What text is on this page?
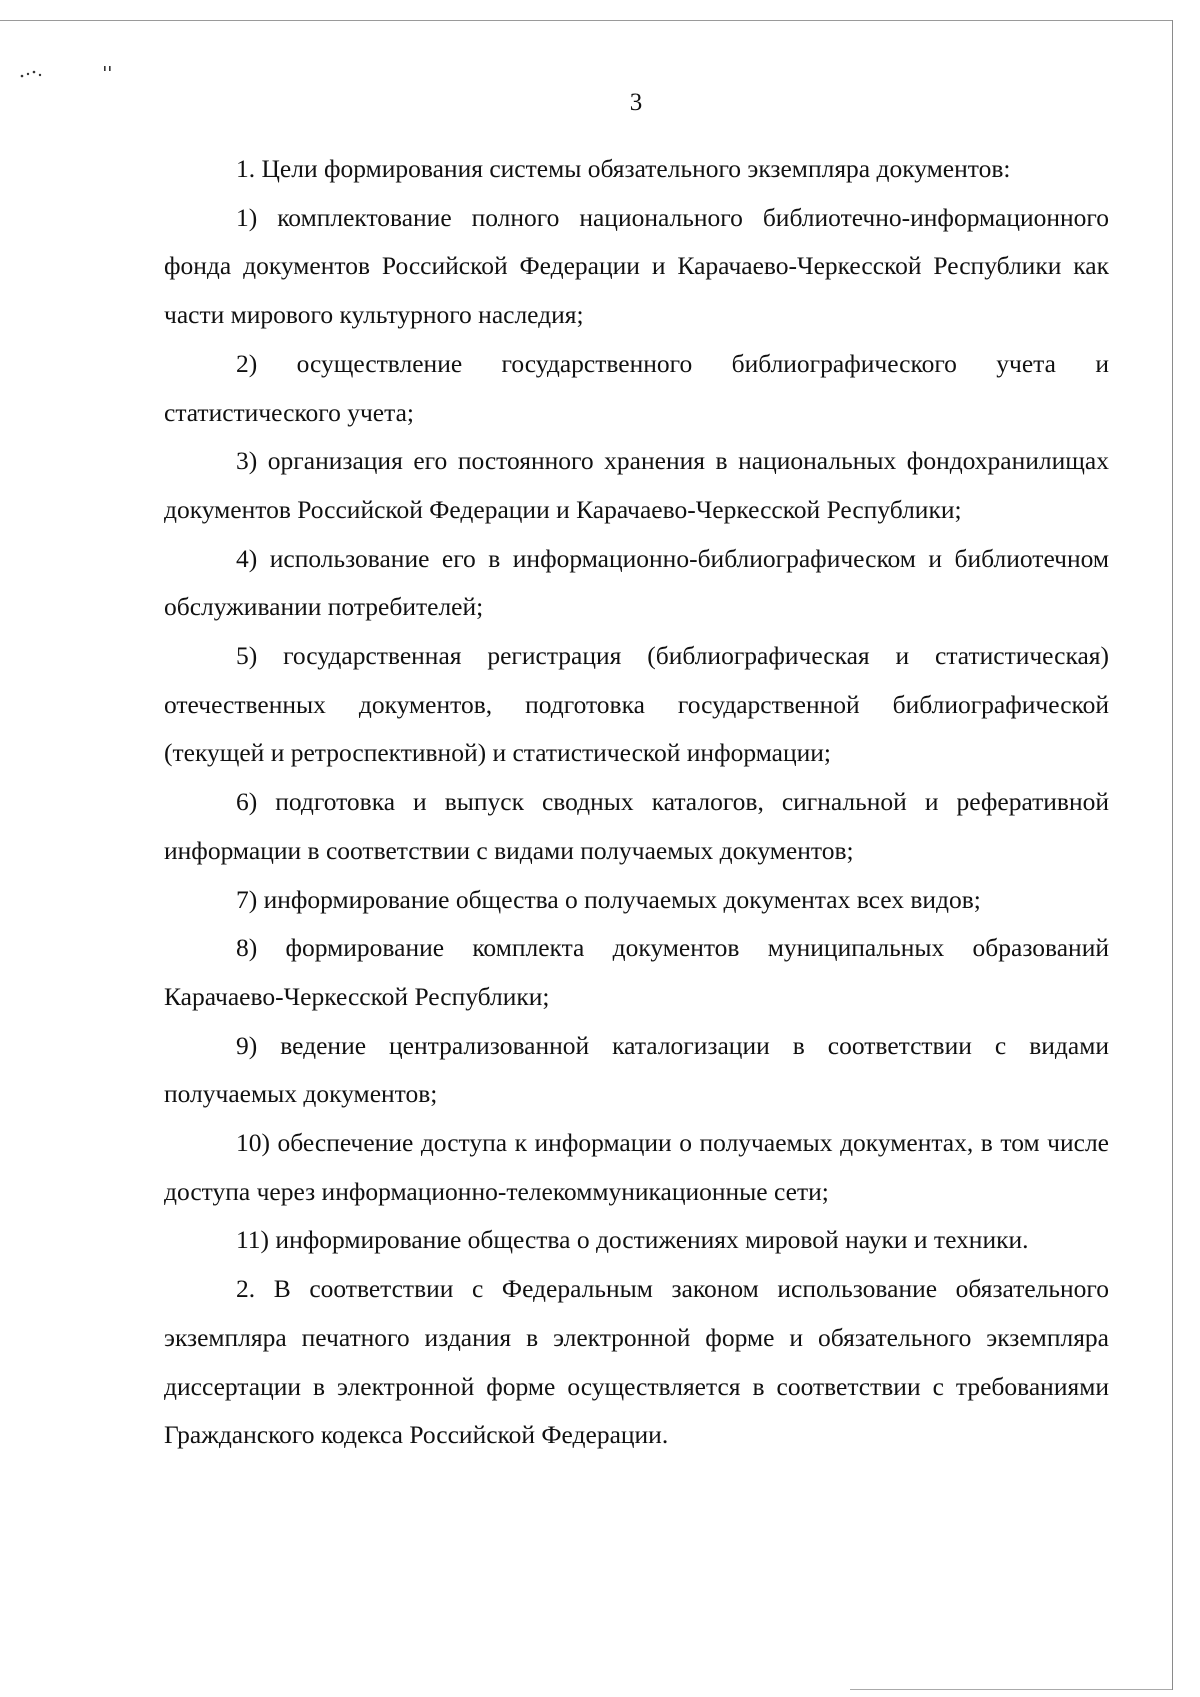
3

1. Цели формирования системы обязательного экземпляра документов:

1) комплектование полного национального библиотечно-информационного фонда документов Российской Федерации и Карачаево-Черкесской Республики как части мирового культурного наследия;

2) осуществление государственного библиографического учета и статистического учета;

3) организация его постоянного хранения в национальных фондохранилищах документов Российской Федерации и Карачаево-Черкесской Республики;

4) использование его в информационно-библиографическом и библиотечном обслуживании потребителей;

5) государственная регистрация (библиографическая и статистическая) отечественных документов, подготовка государственной библиографической (текущей и ретроспективной) и статистической информации;

6) подготовка и выпуск сводных каталогов, сигнальной и реферативной информации в соответствии с видами получаемых документов;

7) информирование общества о получаемых документах всех видов;

8) формирование комплекта документов муниципальных образований Карачаево-Черкесской Республики;

9) ведение централизованной каталогизации в соответствии с видами получаемых документов;

10) обеспечение доступа к информации о получаемых документах, в том числе доступа через информационно-телекоммуникационные сети;

11) информирование общества о достижениях мировой науки и техники.

2. В соответствии с Федеральным законом использование обязательного экземпляра печатного издания в электронной форме и обязательного экземпляра диссертации в электронной форме осуществляется в соответствии с требованиями Гражданского кодекса Российской Федерации.
